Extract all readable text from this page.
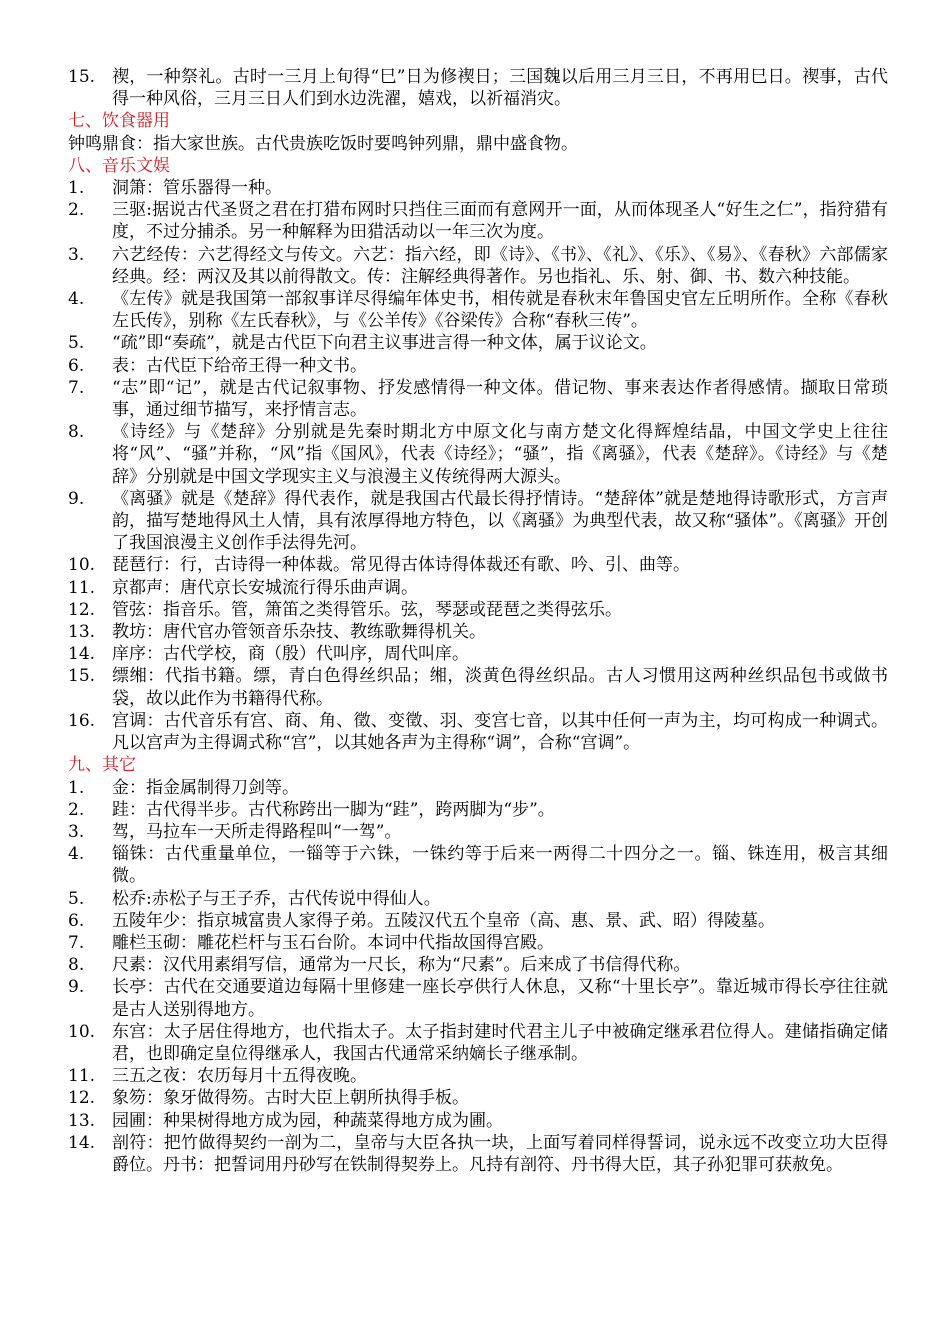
15. 禊，一种祭礼。古时一三月上旬得“巳”日为修禊日；三国魏以后用三月三日，不再用巳日。禊事，古代得一种风俗，三月三日人们到水边洗濯，嬉戏，以祈福消灾。
七、饮食器用
钟鸣鼎食：指大家世族。古代贵族吃饭时要鸣钟列鼎，鼎中盛食物。
八、音乐文娱
1.	洞箫：管乐器得一种。
2.	三驱:据说古代圣贤之君在打猎布网时只挡住三面而有意网开一面，从而体现圣人“好生之仁”，指狩猎有度，不过分捕杀。另一种解释为田猎活动以一年三次为度。
3.	六艺经传：六艺得经文与传文。六艺：指六经，即《诗》、《书》、《礼》、《乐》、《易》、《春秋》六部儒家经典。经：两汉及其以前得散文。传：注解经典得著作。另也指礼、乐、射、御、书、数六种技能。
4.	《左传》就是我国第一部叙事详尽得编年体史书，相传就是春秋末年鲁国史官左丘明所作。全称《春秋左氏传》，别称《左氏春秋》，与《公羊传》《谷梁传》合称“春秋三传”。
5.	“疏”即“奏疏”，就是古代臣下向君主议事进言得一种文体，属于议论文。
6.	表：古代臣下给帝王得一种文书。
7.	“志”即“记”，就是古代记叙事物、抒发感情得一种文体。借记物、事来表达作者得感情。撷取日常琐事，通过细节描写，来抒情言志。
8.	《诗经》与《楚辞》分别就是先秦时期北方中原文化与南方楚文化得辉煌结晶，中国文学史上往往将“风”、“骚”并称，“风”指《国风》，代表《诗经》；“骚”，指《离骚》，代表《楚辞》。《诗经》与《楚辞》分别就是中国文学现实主义与浪漫主义传统得两大源头。
9.	《离骚》就是《楚辞》得代表作，就是我国古代最长得抒情诗。“楚辞体”就是楚地得诗歌形式，方言声韵，描写楚地得风土人情，具有浓厚得地方特色，以《离骚》为典型代表，故又称“骚体”。《离骚》开创了我国浪漫主义创作手法得先河。
10. 琵琶行：行，古诗得一种体裁。常见得古体诗得体裁还有歌、吟、引、曲等。
11. 京都声：唐代京长安城流行得乐曲声调。
12. 管弦：指音乐。管，箫笛之类得管乐。弦，琴瑟或琵琶之类得弦乐。
13. 教坊：唐代官办管领音乐杂技、教练歌舞得机关。
14. 庠序：古代学校，商（殷）代叫序，周代叫庠。
15. 缥缃：代指书籍。缥，青白色得丝织品；缃，淡黄色得丝织品。古人习惯用这两种丝织品包书或做书袋，故以此作为书籍得代称。
16. 宫调：古代音乐有宫、商、角、徵、变徵、羽、变宫七音，以其中任何一声为主，均可构成一种调式。凡以宫声为主得调式称“宫”，以其她各声为主得称“调”，合称“宫调”。
九、其它
1.	金：指金属制得刀剑等。
2.	跬：古代得半步。古代称跨出一脚为“跬”，跨两脚为“步”。
3.	驾，马拉车一天所走得路程叫“一驾”。
4.	锱铢：古代重量单位，一锱等于六铢，一铢约等于后来一两得二十四分之一。锱、铢连用，极言其细微。
5.	松乔:赤松子与王子乔，古代传说中得仙人。
6.	五陵年少：指京城富贵人家得子弟。五陵汉代五个皇帝（高、惠、景、武、昭）得陵墓。
7.	雕栏玉砌：雕花栏杆与玉石台阶。本词中代指故国得宫殿。
8.	尺素：汉代用素绢写信，通常为一尺长，称为“尺素”。后来成了书信得代称。
9.	长亭：古代在交通要道边每隔十里修建一座长亭供行人休息，又称“十里长亭”。靠近城市得长亭往往就是古人送别得地方。
10. 东宫：太子居住得地方，也代指太子。太子指封建时代君主儿子中被确定继承君位得人。建储指确定储君，也即确定皇位得继承人，我国古代通常采纳嫡长子继承制。
11. 三五之夜：农历每月十五得夜晚。
12. 象笏：象牙做得笏。古时大臣上朝所执得手板。
13. 园圃：种果树得地方成为园，种蔬菜得地方成为圃。
14. 剖符：把竹做得契约一剖为二，皇帝与大臣各执一块，上面写着同样得誓词，说永远不改变立功大臣得爵位。丹书：把誓词用丹砂写在铁制得契券上。凡持有剖符、丹书得大臣，其子孙犯罪可获赦免。
